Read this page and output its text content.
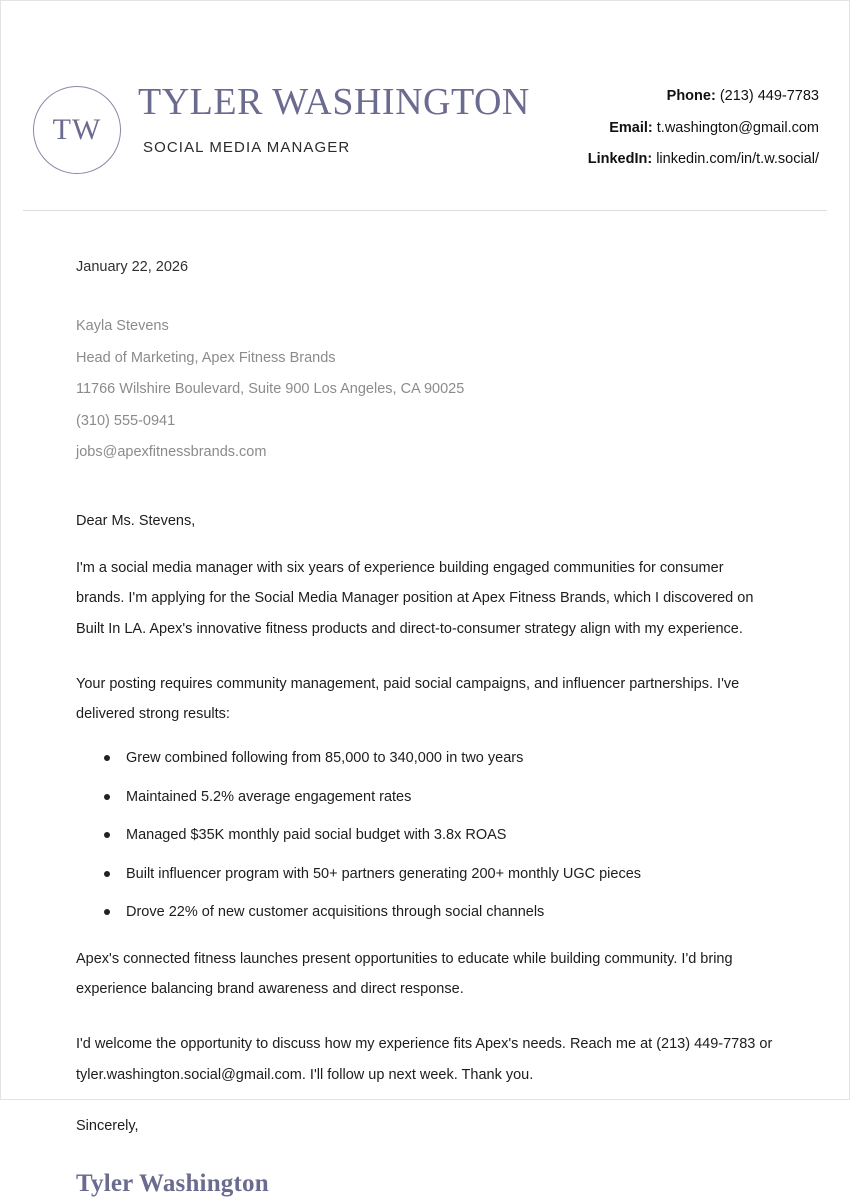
TW
TYLER WASHINGTON
SOCIAL MEDIA MANAGER
Phone: (213) 449-7783
Email: t.washington@gmail.com
LinkedIn: linkedin.com/in/t.w.social/
January 22, 2026
Kayla Stevens
Head of Marketing, Apex Fitness Brands
11766 Wilshire Boulevard, Suite 900 Los Angeles, CA 90025
(310) 555-0941
jobs@apexfitnessbrands.com
Dear Ms. Stevens,
I'm a social media manager with six years of experience building engaged communities for consumer brands. I'm applying for the Social Media Manager position at Apex Fitness Brands, which I discovered on Built In LA. Apex's innovative fitness products and direct-to-consumer strategy align with my experience.
Your posting requires community management, paid social campaigns, and influencer partnerships. I've delivered strong results:
Grew combined following from 85,000 to 340,000 in two years
Maintained 5.2% average engagement rates
Managed $35K monthly paid social budget with 3.8x ROAS
Built influencer program with 50+ partners generating 200+ monthly UGC pieces
Drove 22% of new customer acquisitions through social channels
Apex's connected fitness launches present opportunities to educate while building community. I'd bring experience balancing brand awareness and direct response.
I'd welcome the opportunity to discuss how my experience fits Apex's needs. Reach me at (213) 449-7783 or tyler.washington.social@gmail.com. I'll follow up next week. Thank you.
Sincerely,
Tyler Washington
